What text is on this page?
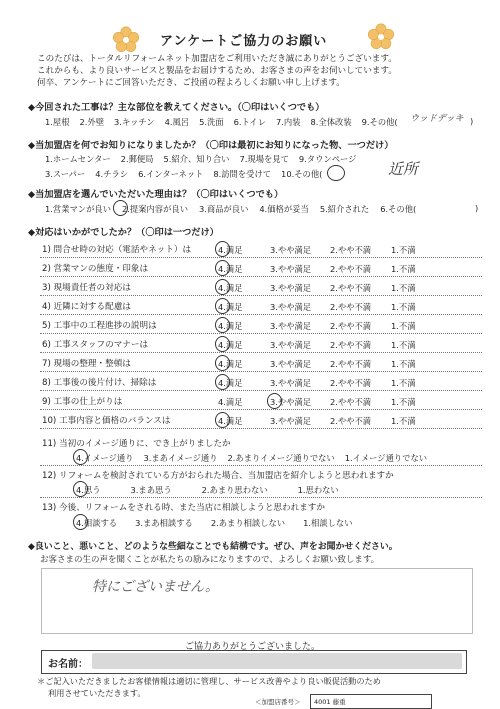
アンケートご協力のお願い
このたびは、トータルリフォームネット加盟店をご利用いただき誠にありがとうございます。
これからも、より良いサービスと製品をお届けするため、お客さまの声をお伺いしています。
何卒、アンケートにご回答いただき、ご投函の程よろしくお願い申し上げます。
◆今回された工事は？主な部位を教えてください。（〇印はいくつでも）
1.屋根 2.外壁 3.キッチン 4.風呂 5.洗面 6.トイレ 7.内装 8.全体改装 9.その他( ウッドデッキ )
◆当加盟店を何でお知りになりましたか？（〇印は最初にお知りになった物、一つだけ）
1.ホームセンター 2.郵便局 5.紹介、知り合い 7.現場を見て 9.タウンページ
3.スーパー 4.チラシ 6.インターネット 8.訪問を受けて 10.その他(	近所
◆当加盟店を選んでいただいた理由は？（〇印はいくつでも）
1.営業マンが良い 2.提案内容が良い 3.商品が良い 4.価格が妥当 5.紹介された 6.その他(	)
◆対応はいかがでしたか？（〇印は一つだけ）
1) 問合せ時の対応（電話やネット）は	4.満足	3.やや満足 2.やや不満 1.不満
2) 営業マンの態度・印象は	4.満足	3.やや満足 2.やや不満 1.不満
3) 現場責任者の対応は	4.満足	3.やや満足 2.やや不満 1.不満
4) 近隣に対する配慮は	4.満足	3.やや満足 2.やや不満 1.不満
5) 工事中の工程進捗の説明は	4.満足	3.やや満足 2.やや不満 1.不満
6) 工事スタッフのマナーは	4.満足	3.やや満足 2.やや不満 1.不満
7) 現場の整理・整頓は	4.満足	3.やや満足 2.やや不満 1.不満
8) 工事後の後片付け、掃除は	4.満足	3.やや満足 2.やや不満 1.不満
9) 工事の仕上がりは	4.満足	3.やや満足 2.やや不満 1.不満
10) 工事内容と価格のバランスは	4.満足	3.やや満足 2.やや不満 1.不満
11) 当初のイメージ通りに、でき上がりましたか
4.イメージ通り 3.まあイメージ通り 2.あまりイメージ通りでない 1.イメージ通りでない
12) リフォームを検討されている方がおられた場合、当加盟店を紹介しようと思われますか
4.思う	3.まあ思う	2.あまり思わない	1.思わない
13) 今後、リフォームをされる時、また当店に相談しようと思われますか
4.相談する 3.まあ相談する 2.あまり相談しない 1.相談しない
◆良いこと、悪いこと、どのような些細なことでも結構です。ぜひ、声をお聞かせください。
お客さまの生の声を聞くことが私たちの励みになりますので、よろしくお願い致します。
特にございません。
ご協力ありがとうございました。
お名前：
＊ご記入いただきましたお客様情報は適切に管理し、サービス改善やより良い販促活動のため
利用させていただきます。
＜加盟店番号＞ 4001 藤重
